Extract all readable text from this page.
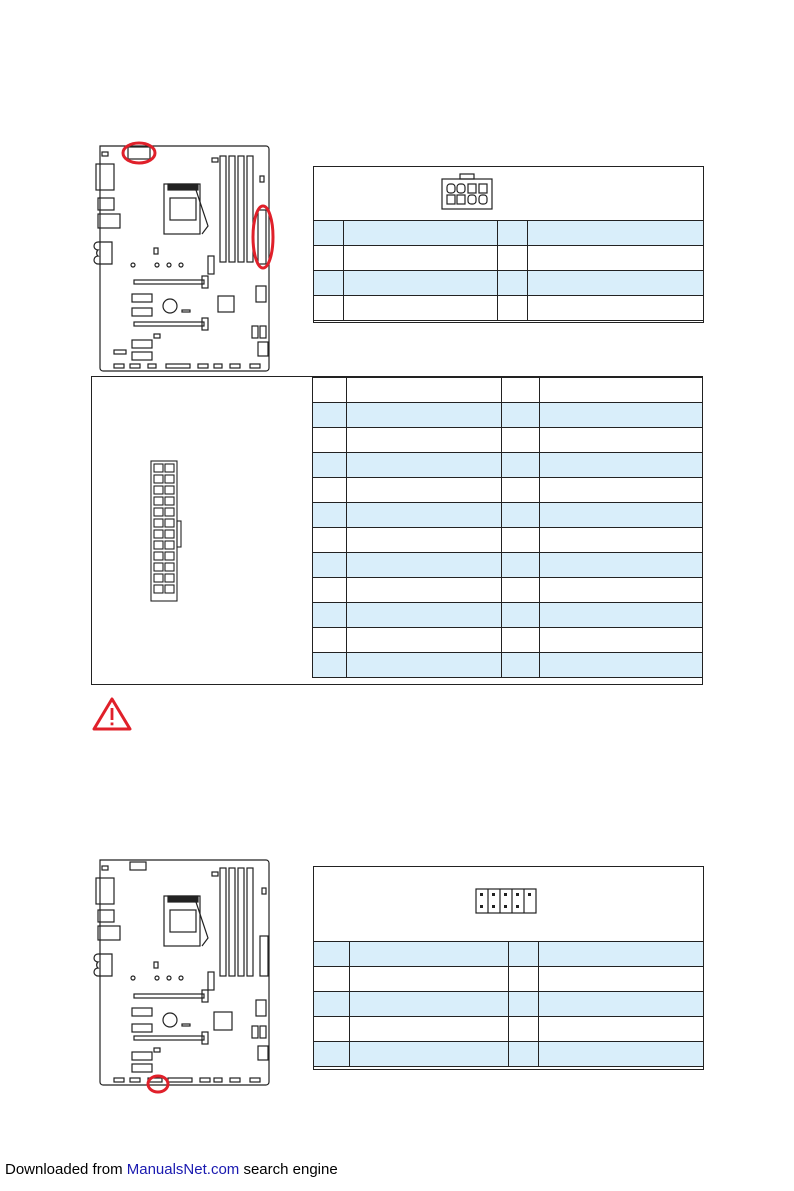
Downloaded from ManualsNet.com search engine
